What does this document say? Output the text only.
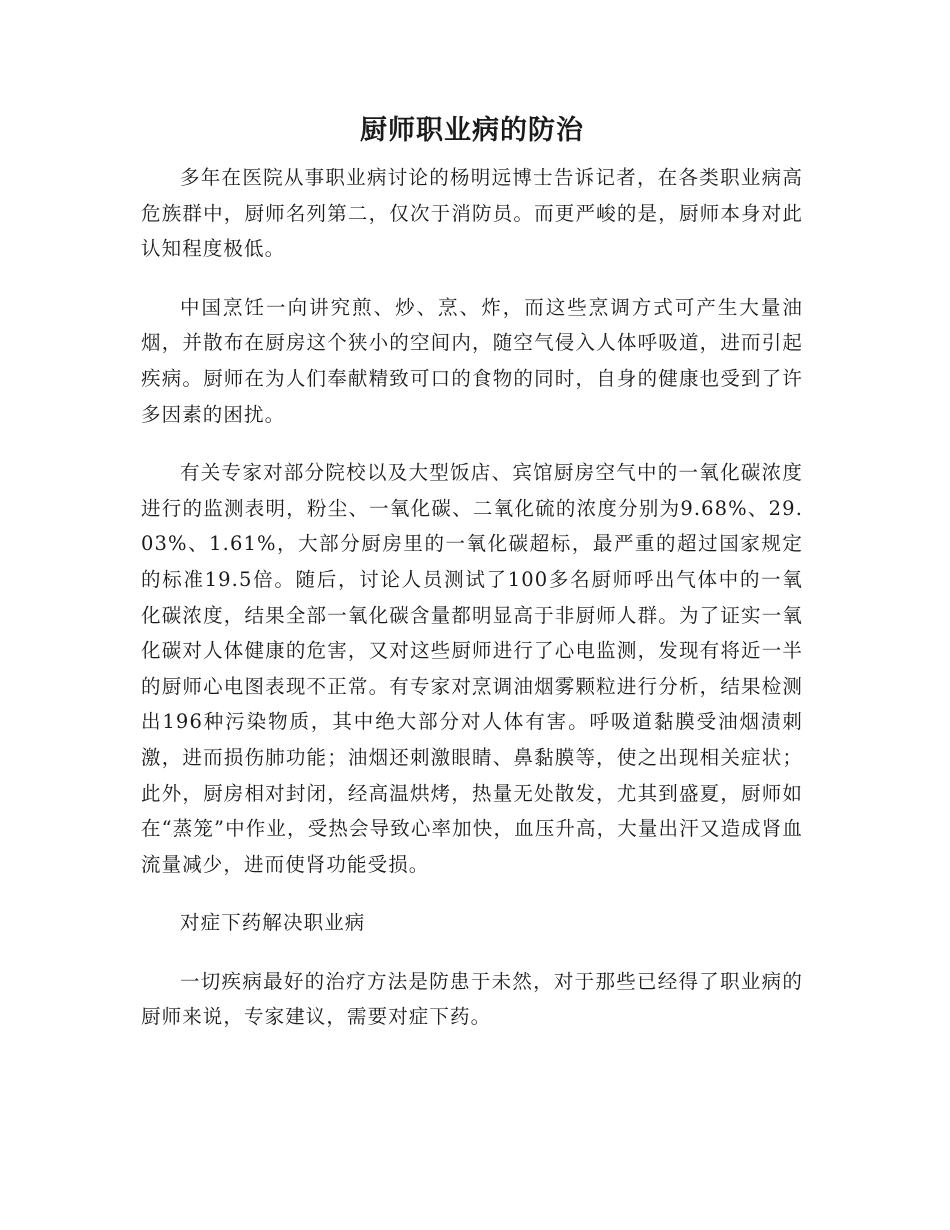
厨师职业病的防治

多年在医院从事职业病讨论的杨明远博士告诉记者，在各类职业病高危族群中，厨师名列第二，仅次于消防员。而更严峻的是，厨师本身对此认知程度极低。

中国烹饪一向讲究煎、炒、烹、炸，而这些烹调方式可产生大量油烟，并散布在厨房这个狭小的空间内，随空气侵入人体呼吸道，进而引起疾病。厨师在为人们奉献精致可口的食物的同时，自身的健康也受到了许多因素的困扰。

有关专家对部分院校以及大型饭店、宾馆厨房空气中的一氧化碳浓度进行的监测表明，粉尘、一氧化碳、二氧化硫的浓度分别为9.68%、29.03%、1.61%，大部分厨房里的一氧化碳超标，最严重的超过国家规定的标准19.5倍。随后，讨论人员测试了100多名厨师呼出气体中的一氧化碳浓度，结果全部一氧化碳含量都明显高于非厨师人群。为了证实一氧化碳对人体健康的危害，又对这些厨师进行了心电监测，发现有将近一半的厨师心电图表现不正常。有专家对烹调油烟雾颗粒进行分析，结果检测出196种污染物质，其中绝大部分对人体有害。呼吸道黏膜受油烟渍刺激，进而损伤肺功能；油烟还刺激眼睛、鼻黏膜等，使之出现相关症状；此外，厨房相对封闭，经高温烘烤，热量无处散发，尤其到盛夏，厨师如在“蒸笼”中作业，受热会导致心率加快，血压升高，大量出汗又造成肾血流量减少，进而使肾功能受损。

对症下药解决职业病

一切疾病最好的治疗方法是防患于未然，对于那些已经得了职业病的厨师来说，专家建议，需要对症下药。
